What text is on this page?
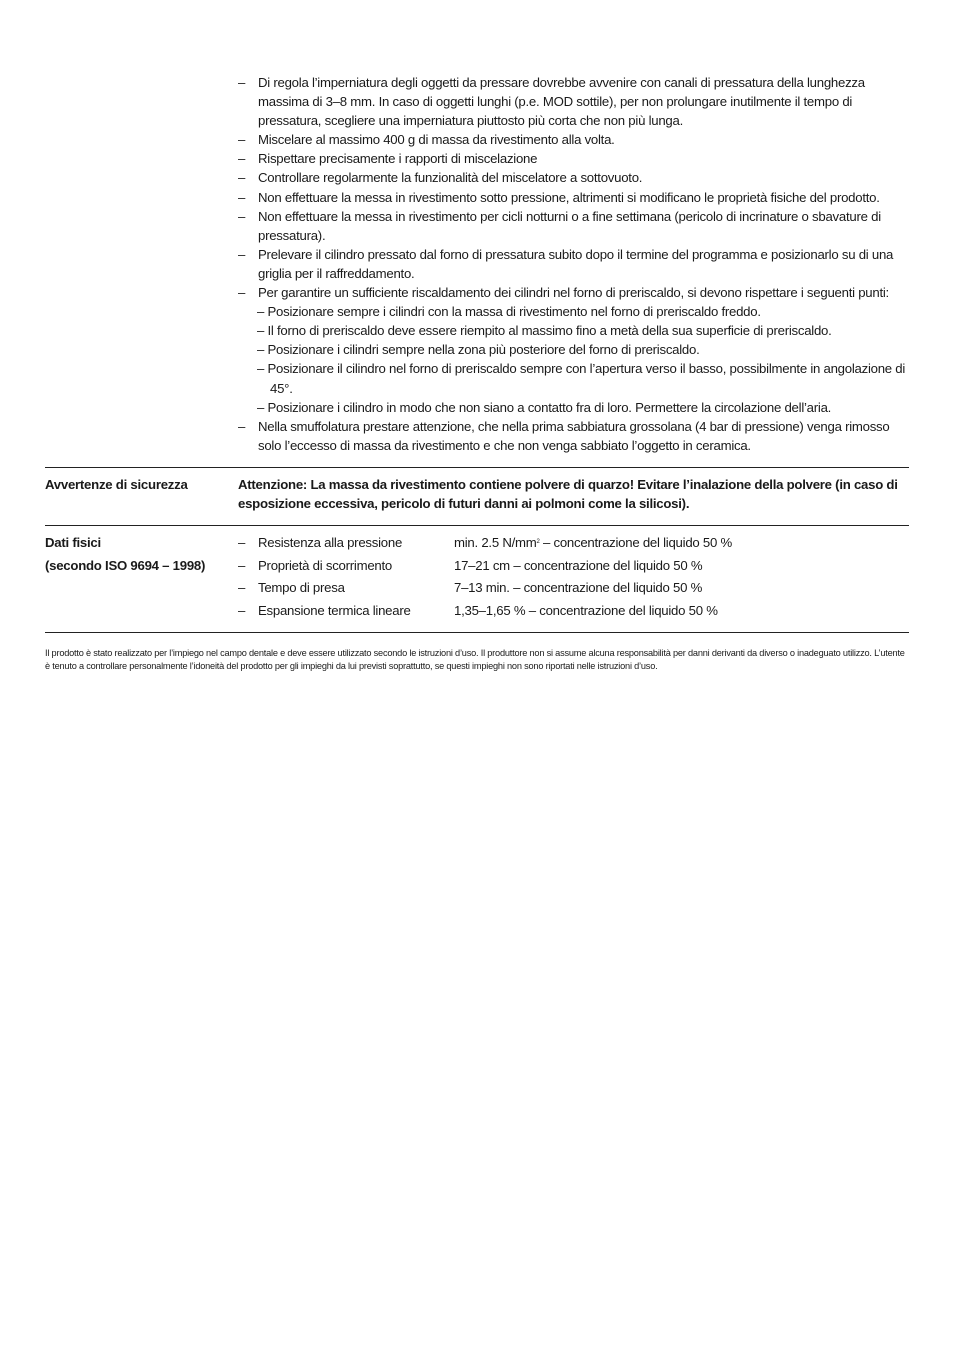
– Di regola l’imperniatura degli oggetti da pressare dovrebbe avvenire con canali di pressatura della lunghezza massima di 3–8 mm. In caso di oggetti lunghi (p.e. MOD sottile), per non prolungare inutilmente il tempo di pressatura, scegliere una imperniatura piuttosto più corta che non più lunga.
– Miscelare al massimo 400 g di massa da rivestimento alla volta.
– Rispettare precisamente i rapporti di miscelazione
– Controllare regolarmente la funzionalità del miscelatore a sottovuoto.
– Non effettuare la messa in rivestimento sotto pressione, altrimenti si modificano le proprietà fisiche del prodotto.
– Non effettuare la messa in rivestimento per cicli notturni o a fine settimana (pericolo di incrinature o sbavature di pressatura).
– Prelevare il cilindro pressato dal forno di pressatura subito dopo il termine del programma e posizionarlo su di una griglia per il raffreddamento.
– Per garantire un sufficiente riscaldamento dei cilindri nel forno di preriscaldo, si devono rispettare i seguenti punti:
– Posizionare sempre i cilindri con la massa di rivestimento nel forno di preriscaldo freddo.
– Il forno di preriscaldo deve essere riempito al massimo fino a metà della sua superficie di preriscaldo.
– Posizionare i cilindri sempre nella zona più posteriore del forno di preriscaldo.
– Posizionare il cilindro nel forno di preriscaldo sempre con l’apertura verso il basso, possibilmente in angolazione di 45°.
– Posizionare i cilindro in modo che non siano a contatto fra di loro. Permettere la circolazione dell’aria.
– Nella smuffolatura prestare attenzione, che nella prima sabbiatura grossolana (4 bar di pressione) venga rimosso solo l’eccesso di massa da rivestimento e che non venga sabbiato l’oggetto in ceramica.
Avvertenze di sicurezza	Attenzione: La massa da rivestimento contiene polvere di quarzo! Evitare l’inalazione della polvere (in caso di esposizione eccessiva, pericolo di futuri danni ai polmoni come la silicosi).
Dati fisici
(secondo ISO 9694 – 1998)
– Resistenza alla pressione	min. 2.5 $N/mm^2$ – concentrazione del liquido 50 %
– Proprietà di scorrimento	17–21 cm – concentrazione del liquido 50 %
– Tempo di presa	7–13 min. – concentrazione del liquido 50 %
– Espansione termica lineare	1,35–1,65 % – concentrazione del liquido 50 %
Il prodotto è stato realizzato per l’impiego nel campo dentale e deve essere utilizzato secondo le istruzioni d’uso. Il produttore non si assume alcuna responsabilità per danni derivanti da diverso o inadeguato utilizzo. L’utente è tenuto a controllare personalmente l’idoneità del prodotto per gli impieghi da lui previsti soprattutto, se questi impieghi non sono riportati nelle istruzioni d’uso.
